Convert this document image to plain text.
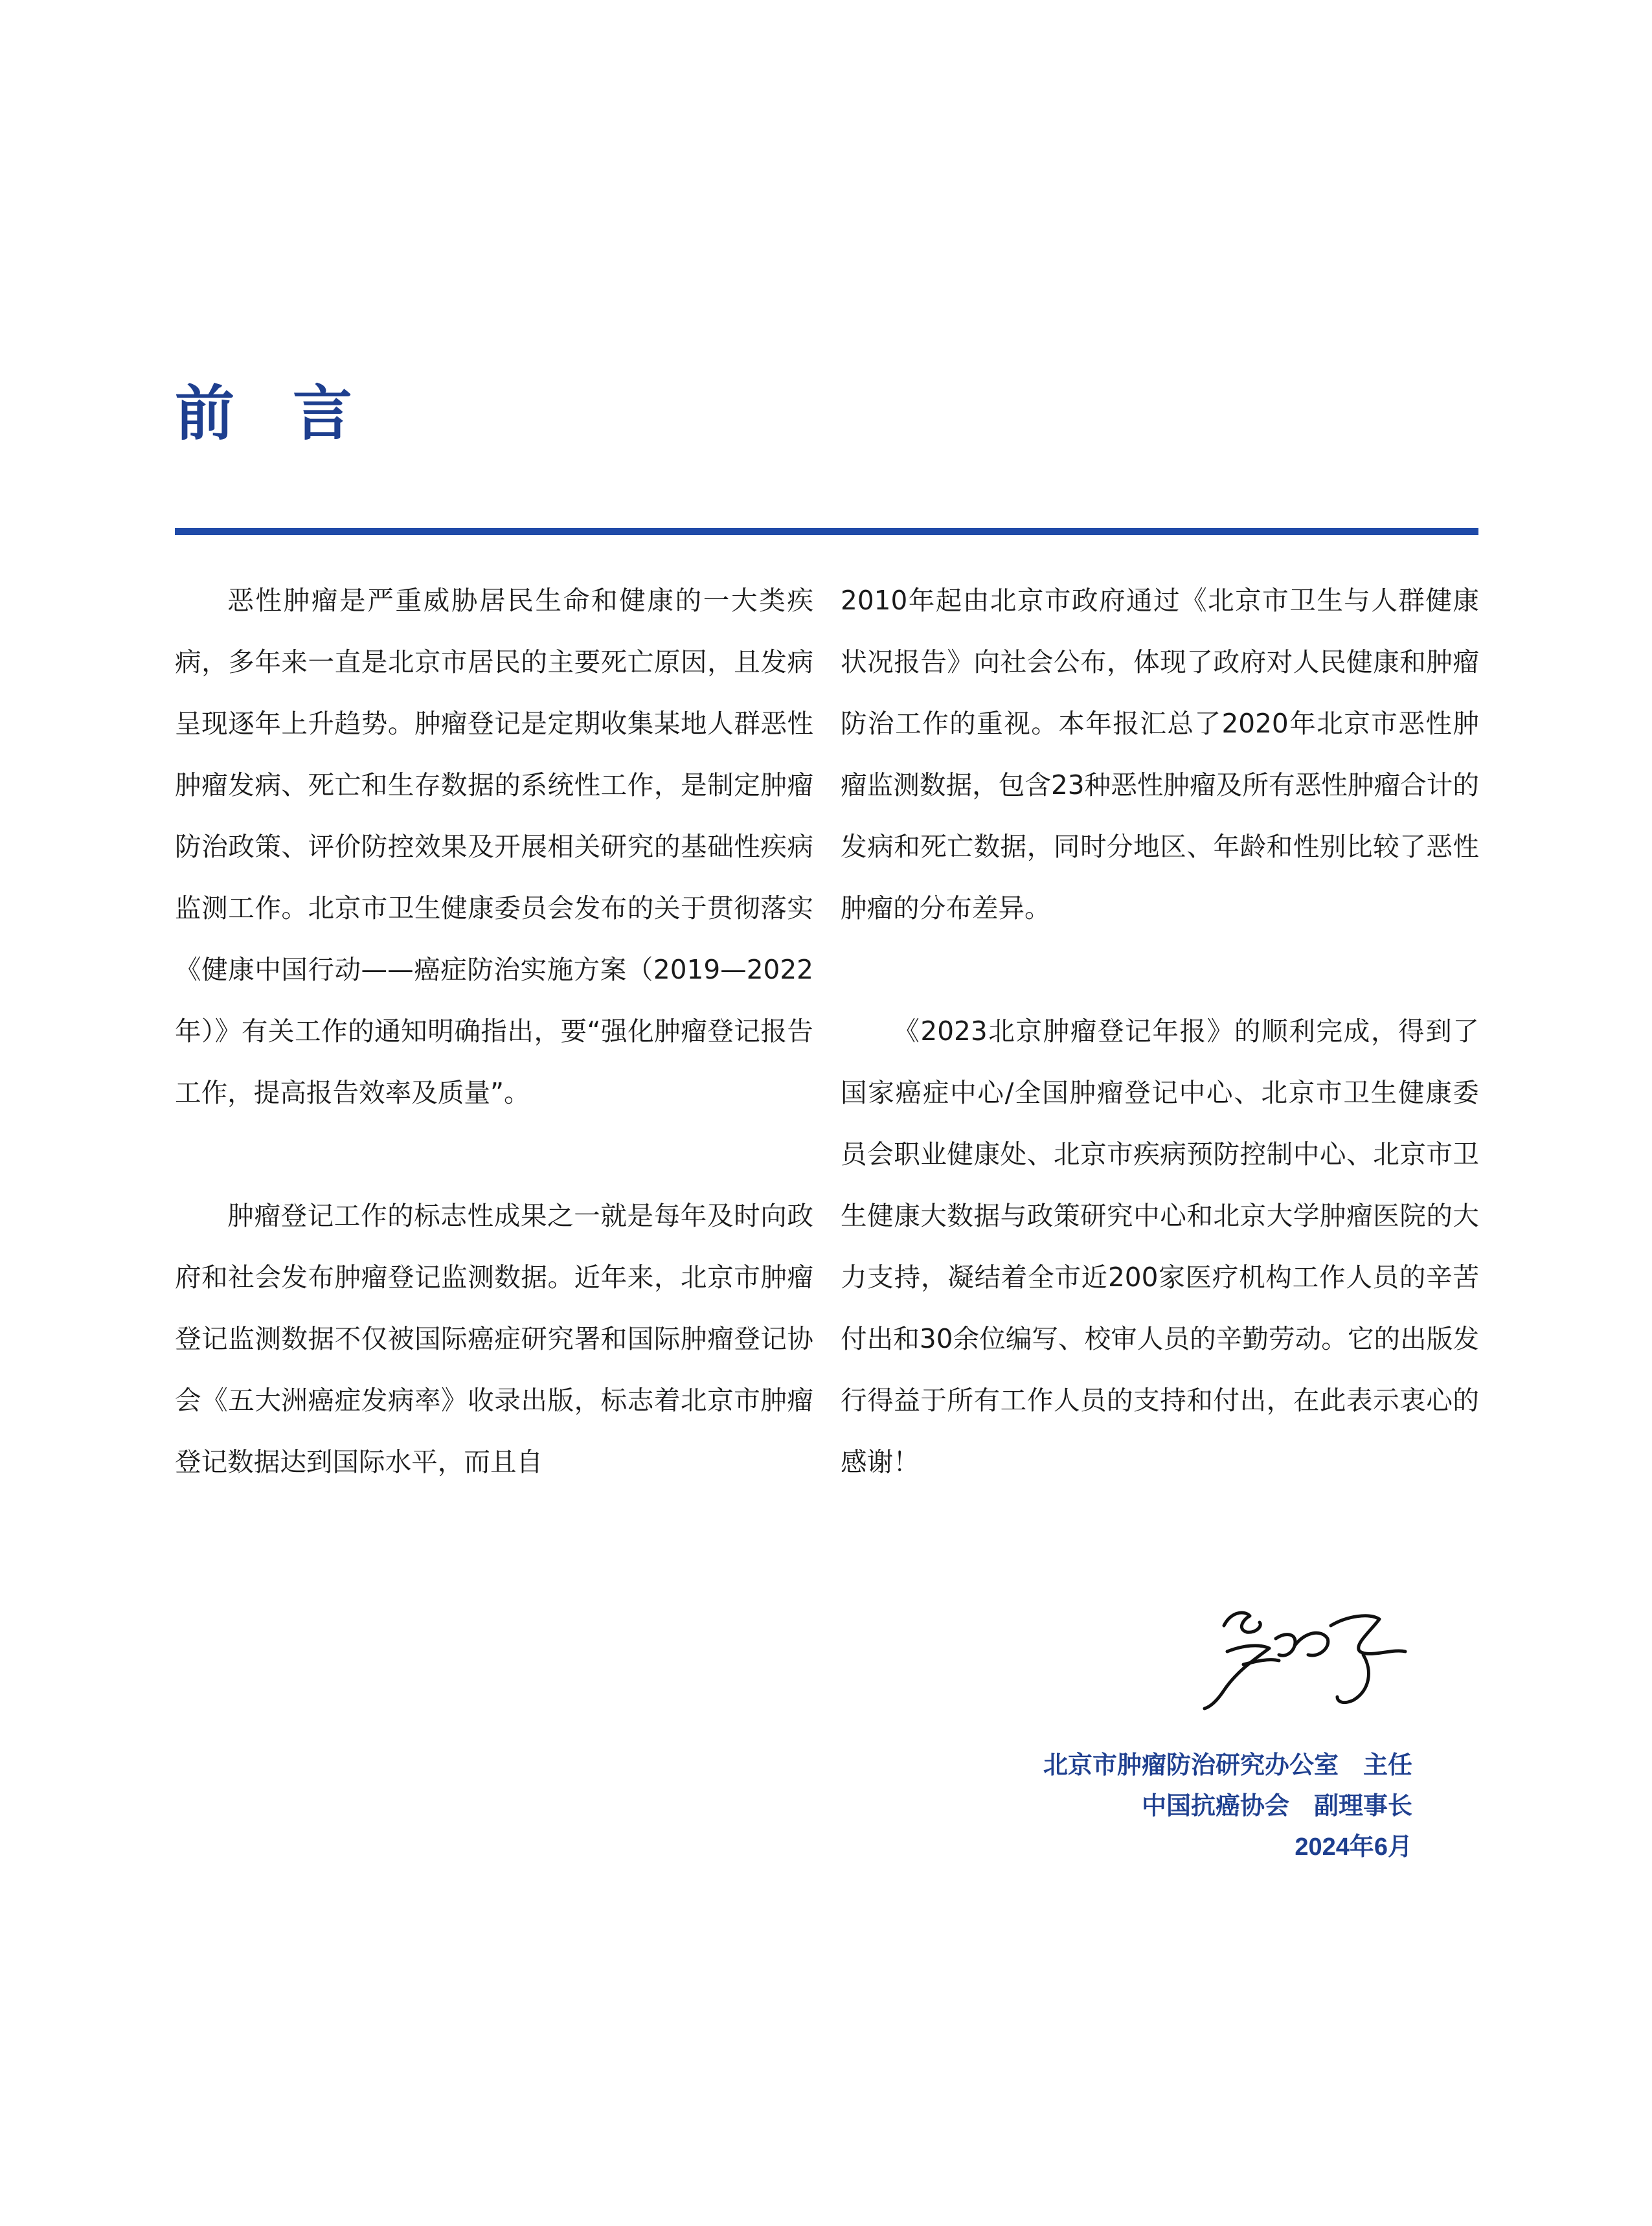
前言

恶性肿瘤是严重威胁居民生命和健康的一大类疾病，多年来一直是北京市居民的主要死亡原因，且发病呈现逐年上升趋势。肿瘤登记是定期收集某地人群恶性肿瘤发病、死亡和生存数据的系统性工作，是制定肿瘤防治政策、评价防控效果及开展相关研究的基础性疾病监测工作。北京市卫生健康委员会发布的关于贯彻落实《健康中国行动——癌症防治实施方案（2019—2022年）》有关工作的通知明确指出，要“强化肿瘤登记报告工作，提高报告效率及质量”。

肿瘤登记工作的标志性成果之一就是每年及时向政府和社会发布肿瘤登记监测数据。近年来，北京市肿瘤登记监测数据不仅被国际癌症研究署和国际肿瘤登记协会《五大洲癌症发病率》收录出版，标志着北京市肿瘤登记数据达到国际水平，而且自

2010年起由北京市政府通过《北京市卫生与人群健康状况报告》向社会公布，体现了政府对人民健康和肿瘤防治工作的重视。本年报汇总了2020年北京市恶性肿瘤监测数据，包含23种恶性肿瘤及所有恶性肿瘤合计的发病和死亡数据，同时分地区、年龄和性别比较了恶性肿瘤的分布差异。

《2023北京肿瘤登记年报》的顺利完成，得到了国家癌症中心/全国肿瘤登记中心、北京市卫生健康委员会职业健康处、北京市疾病预防控制中心、北京市卫生健康大数据与政策研究中心和北京大学肿瘤医院的大力支持，凝结着全市近200家医疗机构工作人员的辛苦付出和30余位编写、校审人员的辛勤劳动。它的出版发行得益于所有工作人员的支持和付出，在此表示衷心的感谢！

北京市肿瘤防治研究办公室　主任
中国抗癌协会　副理事长
2024年6月
